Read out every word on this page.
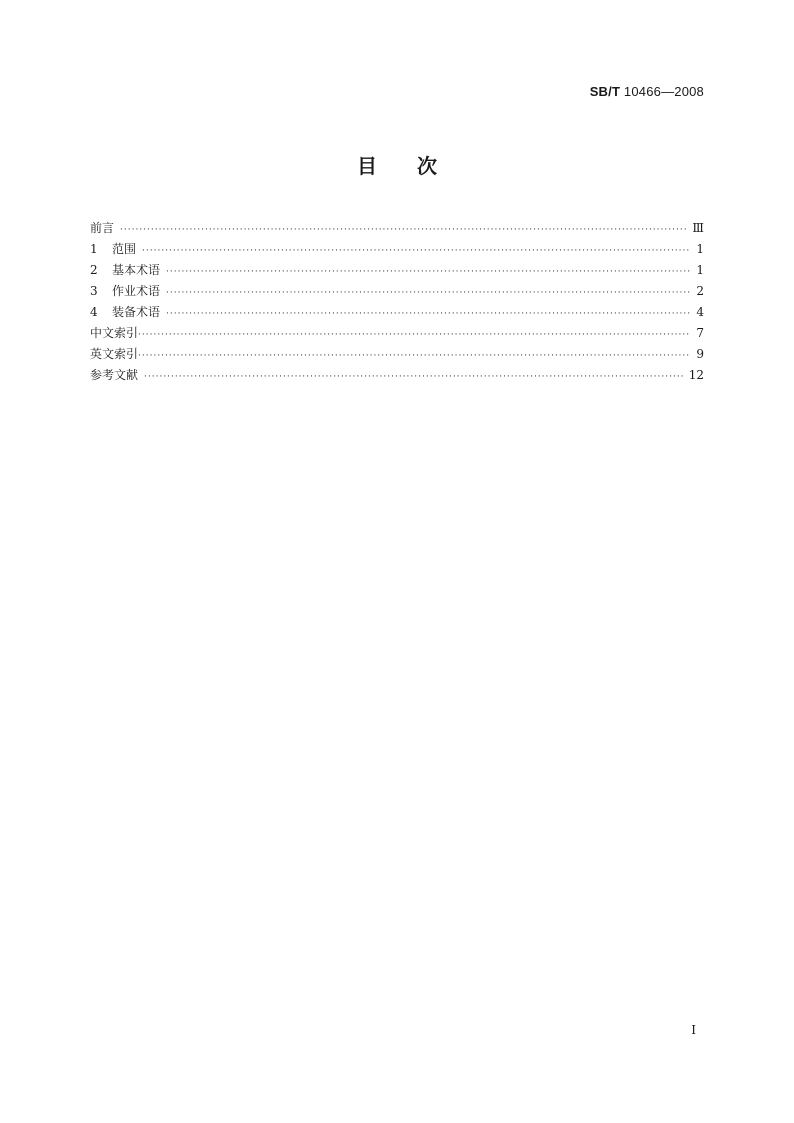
SB/T 10466—2008
目次
前言 ·····	Ⅲ
1 范围 ·····	1
2 基本术语 ·····	1
3 作业术语 ·····	2
4 装备术语 ·····	4
中文索引 ·····	7
英文索引 ·····	9
参考文献 ·····	12
I
